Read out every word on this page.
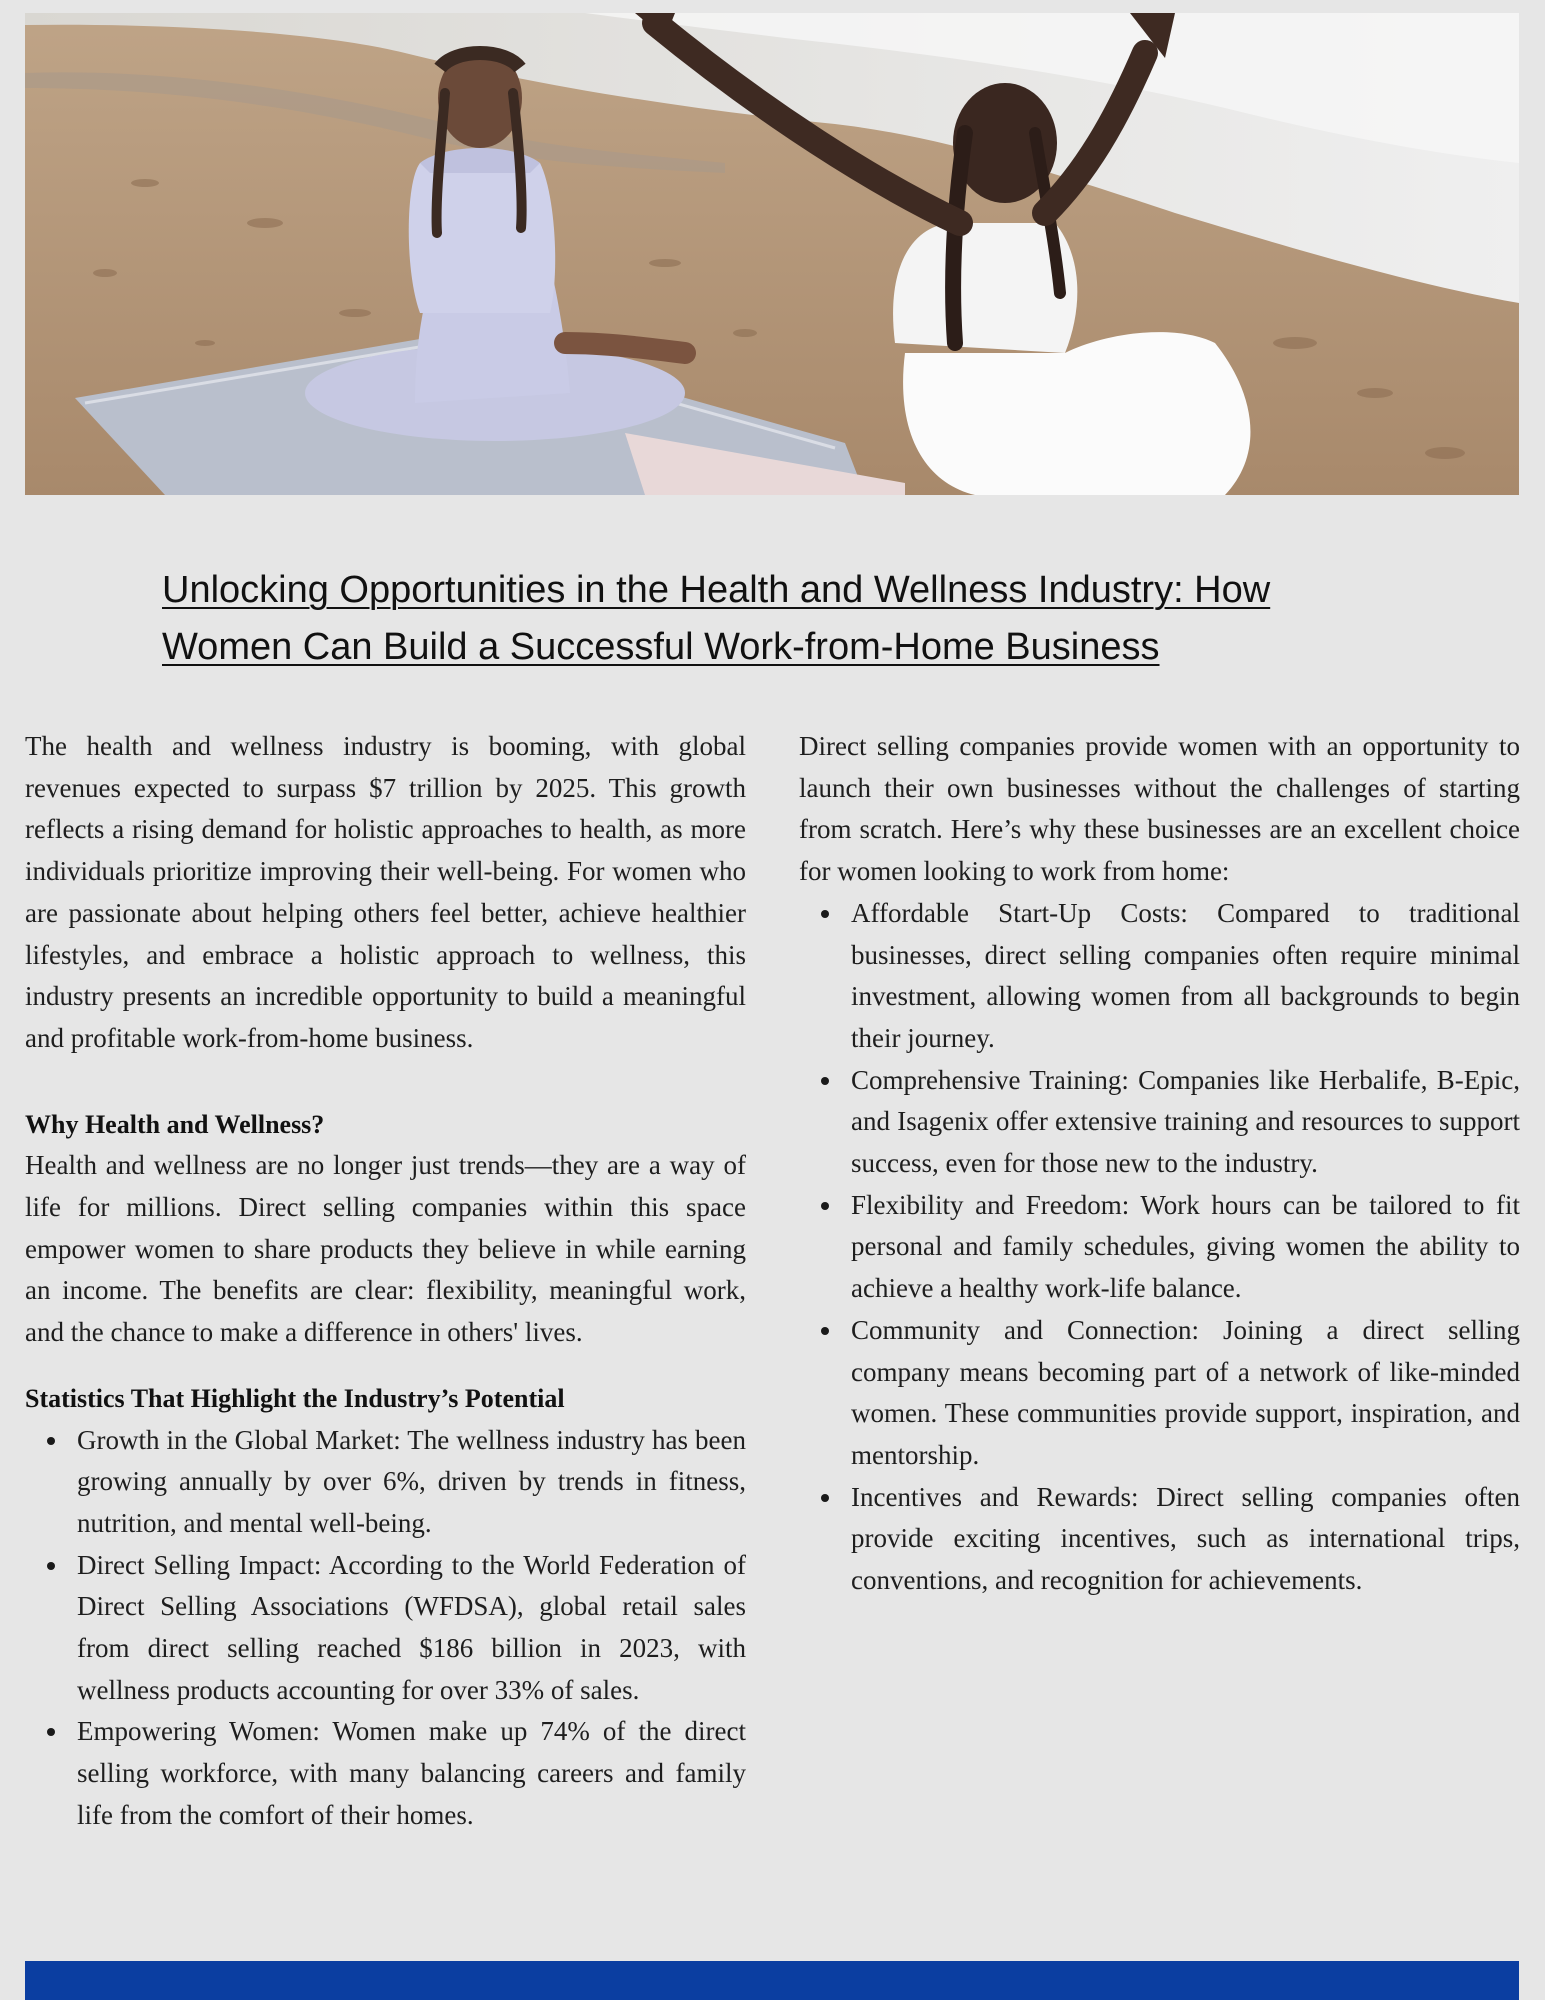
Unlocking Opportunities in the Health and Wellness Industry: How Women Can Build a Successful Work-from-Home Business

The health and wellness industry is booming, with global revenues expected to surpass $7 trillion by 2025. This growth reflects a rising demand for holistic approaches to health, as more individuals prioritize improving their well-being. For women who are passionate about helping others feel better, achieve healthier lifestyles, and embrace a holistic approach to wellness, this industry presents an incredible opportunity to build a meaningful and profitable work-from-home business.

Why Health and Wellness?

Health and wellness are no longer just trends—they are a way of life for millions. Direct selling companies within this space empower women to share products they believe in while earning an income. The benefits are clear: flexibility, meaningful work, and the chance to make a difference in others' lives.

Statistics That Highlight the Industry’s Potential
Growth in the Global Market: The wellness industry has been growing annually by over 6%, driven by trends in fitness, nutrition, and mental well-being.
Direct Selling Impact: According to the World Federation of Direct Selling Associations (WFDSA), global retail sales from direct selling reached $186 billion in 2023, with wellness products accounting for over 33% of sales.
Empowering Women: Women make up 74% of the direct selling workforce, with many balancing careers and family life from the comfort of their homes.

Direct selling companies provide women with an opportunity to launch their own businesses without the challenges of starting from scratch. Here’s why these businesses are an excellent choice for women looking to work from home:

Affordable Start-Up Costs: Compared to traditional businesses, direct selling companies often require minimal investment, allowing women from all backgrounds to begin their journey.
Comprehensive Training: Companies like Herbalife, B-Epic, and Isagenix offer extensive training and resources to support success, even for those new to the industry.
Flexibility and Freedom: Work hours can be tailored to fit personal and family schedules, giving women the ability to achieve a healthy work-life balance.
Community and Connection: Joining a direct selling company means becoming part of a network of like-minded women. These communities provide support, inspiration, and mentorship.
Incentives and Rewards: Direct selling companies often provide exciting incentives, such as international trips, conventions, and recognition for achievements.
